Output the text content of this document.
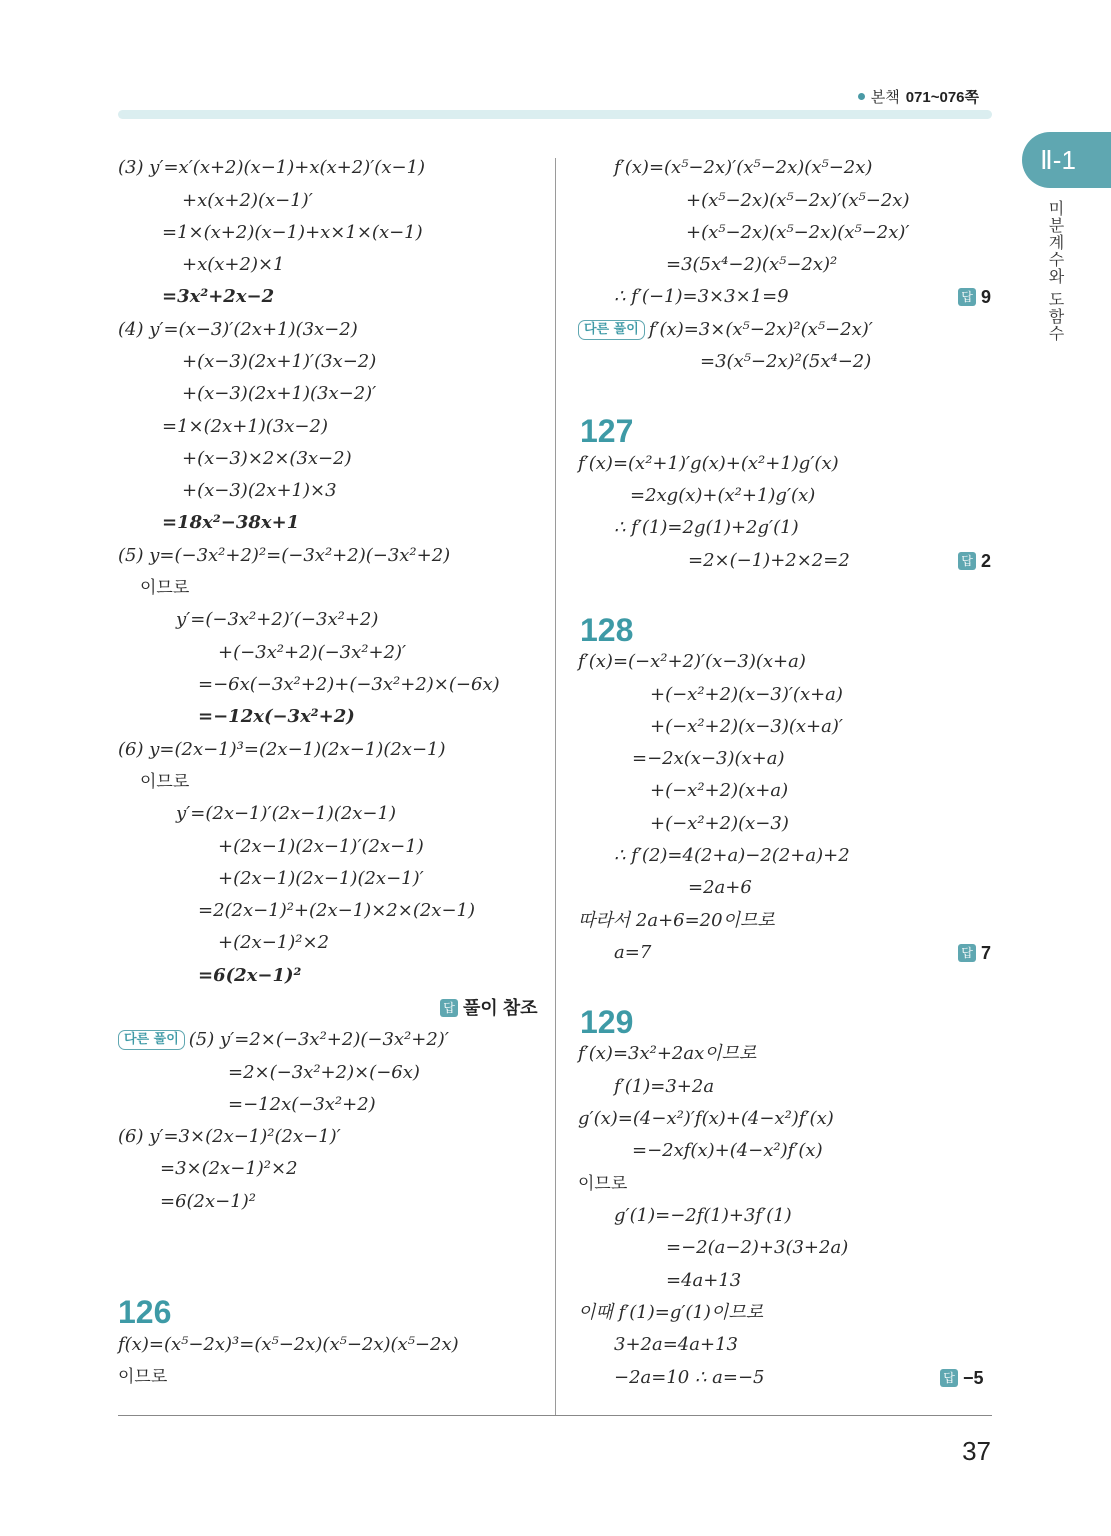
본책 071~076쪽
Ⅱ-1
미분계수와 도함수
(3) y′=x′(x+2)(x−1)+x(x+2)′(x−1)
+x(x+2)(x−1)′
=1×(x+2)(x−1)+x×1×(x−1)
+x(x+2)×1
=3x²+2x−2
(4) y′=(x−3)′(2x+1)(3x−2)
+(x−3)(2x+1)′(3x−2)
+(x−3)(2x+1)(3x−2)′
=1×(2x+1)(3x−2)
+(x−3)×2×(3x−2)
+(x−3)(2x+1)×3
=18x²−38x+1
(5) y=(−3x²+2)²=(−3x²+2)(−3x²+2)
이므로
y′=(−3x²+2)′(−3x²+2)
+(−3x²+2)(−3x²+2)′
=−6x(−3x²+2)+(−3x²+2)×(−6x)
=−12x(−3x²+2)
(6) y=(2x−1)³=(2x−1)(2x−1)(2x−1)
이므로
y′=(2x−1)′(2x−1)(2x−1)
+(2x−1)(2x−1)′(2x−1)
+(2x−1)(2x−1)(2x−1)′
=2(2x−1)²+(2x−1)×2×(2x−1)
+(2x−1)²×2
=6(2x−1)²
답 풀이 참조
다른 풀이 (5) y′=2×(−3x²+2)(−3x²+2)′
=2×(−3x²+2)×(−6x)
=−12x(−3x²+2)
(6) y′=3×(2x−1)²(2x−1)′
=3×(2x−1)²×2
=6(2x−1)²
126
f(x)=(x⁵−2x)³=(x⁵−2x)(x⁵−2x)(x⁵−2x)
이므로
f′(x)=(x⁵−2x)′(x⁵−2x)(x⁵−2x)
+(x⁵−2x)(x⁵−2x)′(x⁵−2x)
+(x⁵−2x)(x⁵−2x)(x⁵−2x)′
=3(5x⁴−2)(x⁵−2x)²
∴ f′(−1)=3×3×1=9	답 9
다른 풀이 f′(x)=3×(x⁵−2x)²(x⁵−2x)′
=3(x⁵−2x)²(5x⁴−2)
127
f′(x)=(x²+1)′g(x)+(x²+1)g′(x)
=2xg(x)+(x²+1)g′(x)
∴ f′(1)=2g(1)+2g′(1)
=2×(−1)+2×2=2	답 2
128
f′(x)=(−x²+2)′(x−3)(x+a)
+(−x²+2)(x−3)′(x+a)
+(−x²+2)(x−3)(x+a)′
=−2x(x−3)(x+a)
+(−x²+2)(x+a)
+(−x²+2)(x−3)
∴ f′(2)=4(2+a)−2(2+a)+2
=2a+6
따라서 2a+6=20이므로
a=7	답 7
129
f′(x)=3x²+2ax이므로
f′(1)=3+2a
g′(x)=(4−x²)′f(x)+(4−x²)f′(x)
=−2xf(x)+(4−x²)f′(x)
이므로
g′(1)=−2f(1)+3f′(1)
=−2(a−2)+3(3+2a)
=4a+13
이때 f′(1)=g′(1)이므로
3+2a=4a+13
−2a=10 ∴ a=−5	답 −5
37
